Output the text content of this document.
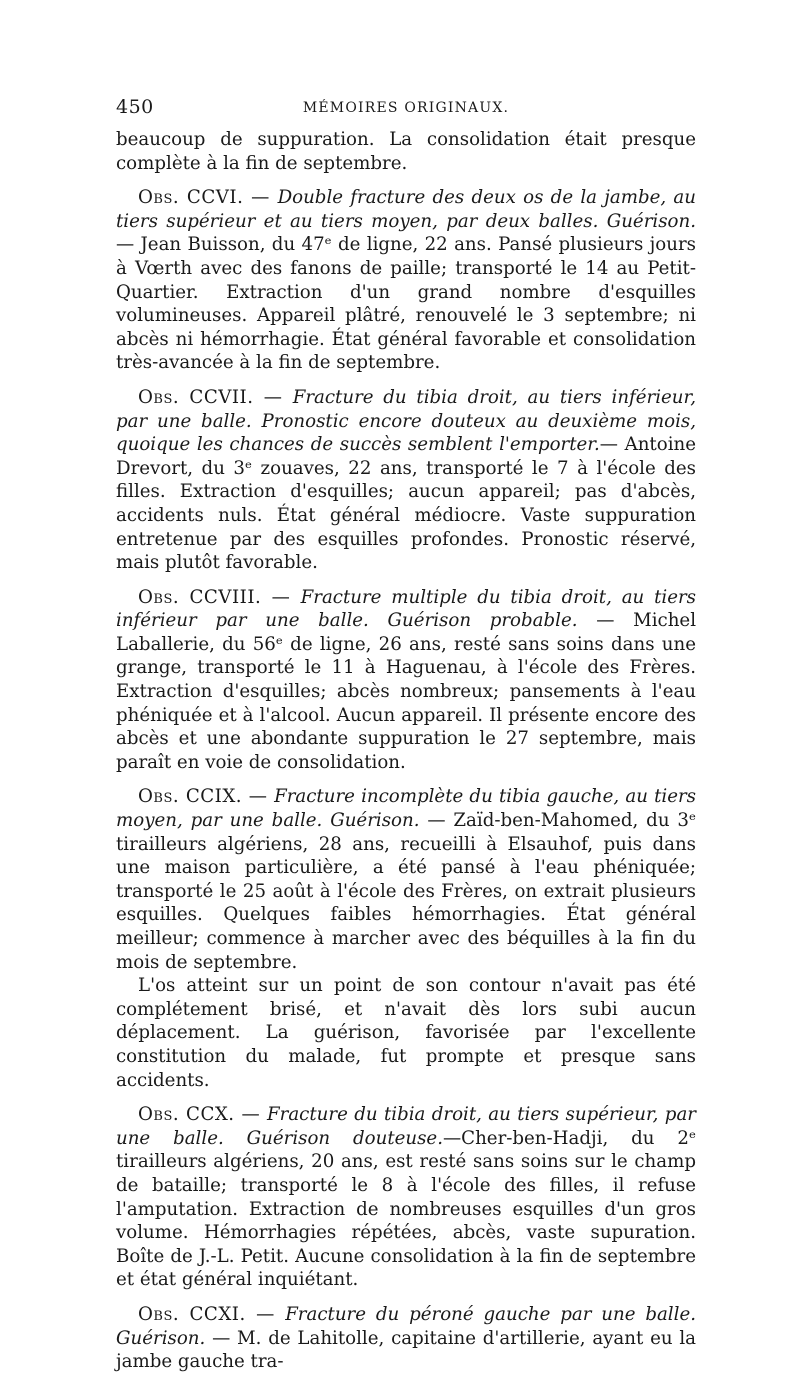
450	MÉMOIRES ORIGINAUX.

beaucoup de suppuration. La consolidation était presque complète à la fin de septembre.

Obs. CCVI. — Double fracture des deux os de la jambe, au tiers supérieur et au tiers moyen, par deux balles. Guérison. — Jean Buisson, du 47ᵉ de ligne, 22 ans. Pansé plusieurs jours à Vœrth avec des fanons de paille; transporté le 14 au Petit-Quartier. Extraction d'un grand nombre d'esquilles volumineuses. Appareil plâtré, renouvelé le 3 septembre; ni abcès ni hémorrhagie. État général favorable et consolidation très-avancée à la fin de septembre.

Obs. CCVII. — Fracture du tibia droit, au tiers inférieur, par une balle. Pronostic encore douteux au deuxième mois, quoique les chances de succès semblent l'emporter.— Antoine Drevort, du 3ᵉ zouaves, 22 ans, transporté le 7 à l'école des filles. Extraction d'esquilles; aucun appareil; pas d'abcès, accidents nuls. État général médiocre. Vaste suppuration entretenue par des esquilles profondes. Pronostic réservé, mais plutôt favorable.

Obs. CCVIII. — Fracture multiple du tibia droit, au tiers inférieur par une balle. Guérison probable. — Michel Laballerie, du 56ᵉ de ligne, 26 ans, resté sans soins dans une grange, transporté le 11 à Haguenau, à l'école des Frères. Extraction d'esquilles; abcès nombreux; pansements à l'eau phéniquée et à l'alcool. Aucun appareil. Il présente encore des abcès et une abondante suppuration le 27 septembre, mais paraît en voie de consolidation.

Obs. CCIX. — Fracture incomplète du tibia gauche, au tiers moyen, par une balle. Guérison. — Zaïd-ben-Mahomed, du 3ᵉ tirailleurs algériens, 28 ans, recueilli à Elsauhof, puis dans une maison particulière, a été pansé à l'eau phéniquée; transporté le 25 août à l'école des Frères, on extrait plusieurs esquilles. Quelques faibles hémorrhagies. État général meilleur; commence à marcher avec des béquilles à la fin du mois de septembre.

L'os atteint sur un point de son contour n'avait pas été complétement brisé, et n'avait dès lors subi aucun déplacement. La guérison, favorisée par l'excellente constitution du malade, fut prompte et presque sans accidents.

Obs. CCX. — Fracture du tibia droit, au tiers supérieur, par une balle. Guérison douteuse.—Cher-ben-Hadji, du 2ᵉ tirailleurs algériens, 20 ans, est resté sans soins sur le champ de bataille; transporté le 8 à l'école des filles, il refuse l'amputation. Extraction de nombreuses esquilles d'un gros volume. Hémorrhagies répétées, abcès, vaste supuration. Boîte de J.-L. Petit. Aucune consolidation à la fin de septembre et état général inquiétant.

Obs. CCXI. — Fracture du péroné gauche par une balle. Guérison. — M. de Lahitolle, capitaine d'artillerie, ayant eu la jambe gauche tra-
